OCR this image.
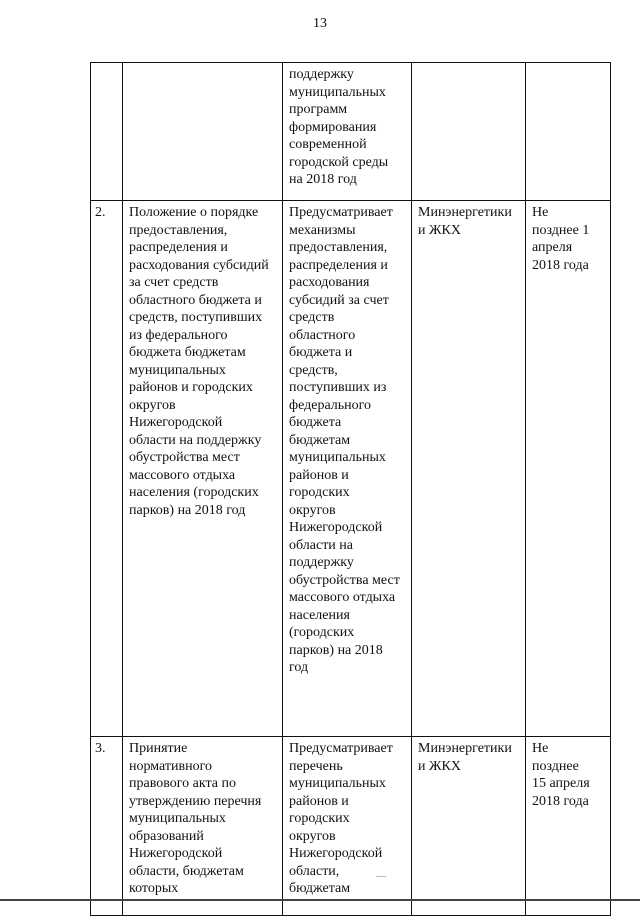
13
поддержку
муниципальных
программ
формирования
современной
городской среды
на 2018 год
2.	Положение о порядке
предоставления,
распределения и
расходования субсидий
за счет средств
областного бюджета и
средств, поступивших
из федерального
бюджета бюджетам
муниципальных
районов и городских
округов
Нижегородской
области на поддержку
обустройства мест
массового отдыха
населения (городских
парков) на 2018 год
Предусматривает
механизмы
предоставления,
распределения и
расходования
субсидий за счет
средств
областного
бюджета и
средств,
поступивших из
федерального
бюджета
бюджетам
муниципальных
районов и
городских
округов
Нижегородской
области на
поддержку
обустройства мест
массового отдыха
населения
(городских
парков) на 2018
год
Минэнергетики
и ЖКХ
Не
позднее 1
апреля
2018 года
3.	Принятие
нормативного
правового акта по
утверждению перечня
муниципальных
образований
Нижегородской
области, бюджетам
которых
Предусматривает
перечень
муниципальных
районов и
городских
округов
Нижегородской
области,
бюджетам
Минэнергетики
и ЖКХ
Не
позднее
15 апреля
2018 года
